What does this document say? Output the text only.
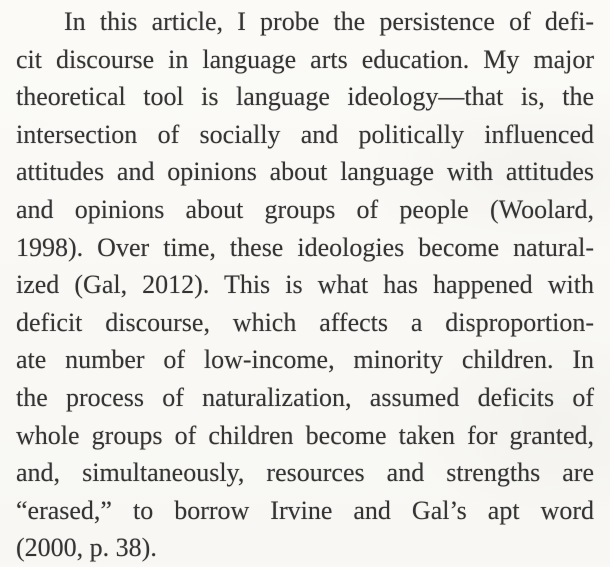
In this article, I probe the persistence of defi-
cit discourse in language arts education. My major
theoretical tool is language ideology—that is, the
intersection of socially and politically influenced
attitudes and opinions about language with attitudes
and opinions about groups of people (Woolard,
1998). Over time, these ideologies become natural-
ized (Gal, 2012). This is what has happened with
deficit discourse, which affects a disproportion-
ate number of low-income, minority children. In
the process of naturalization, assumed deficits of
whole groups of children become taken for granted,
and, simultaneously, resources and strengths are
“erased,” to borrow Irvine and Gal’s apt word
(2000, p. 38).
